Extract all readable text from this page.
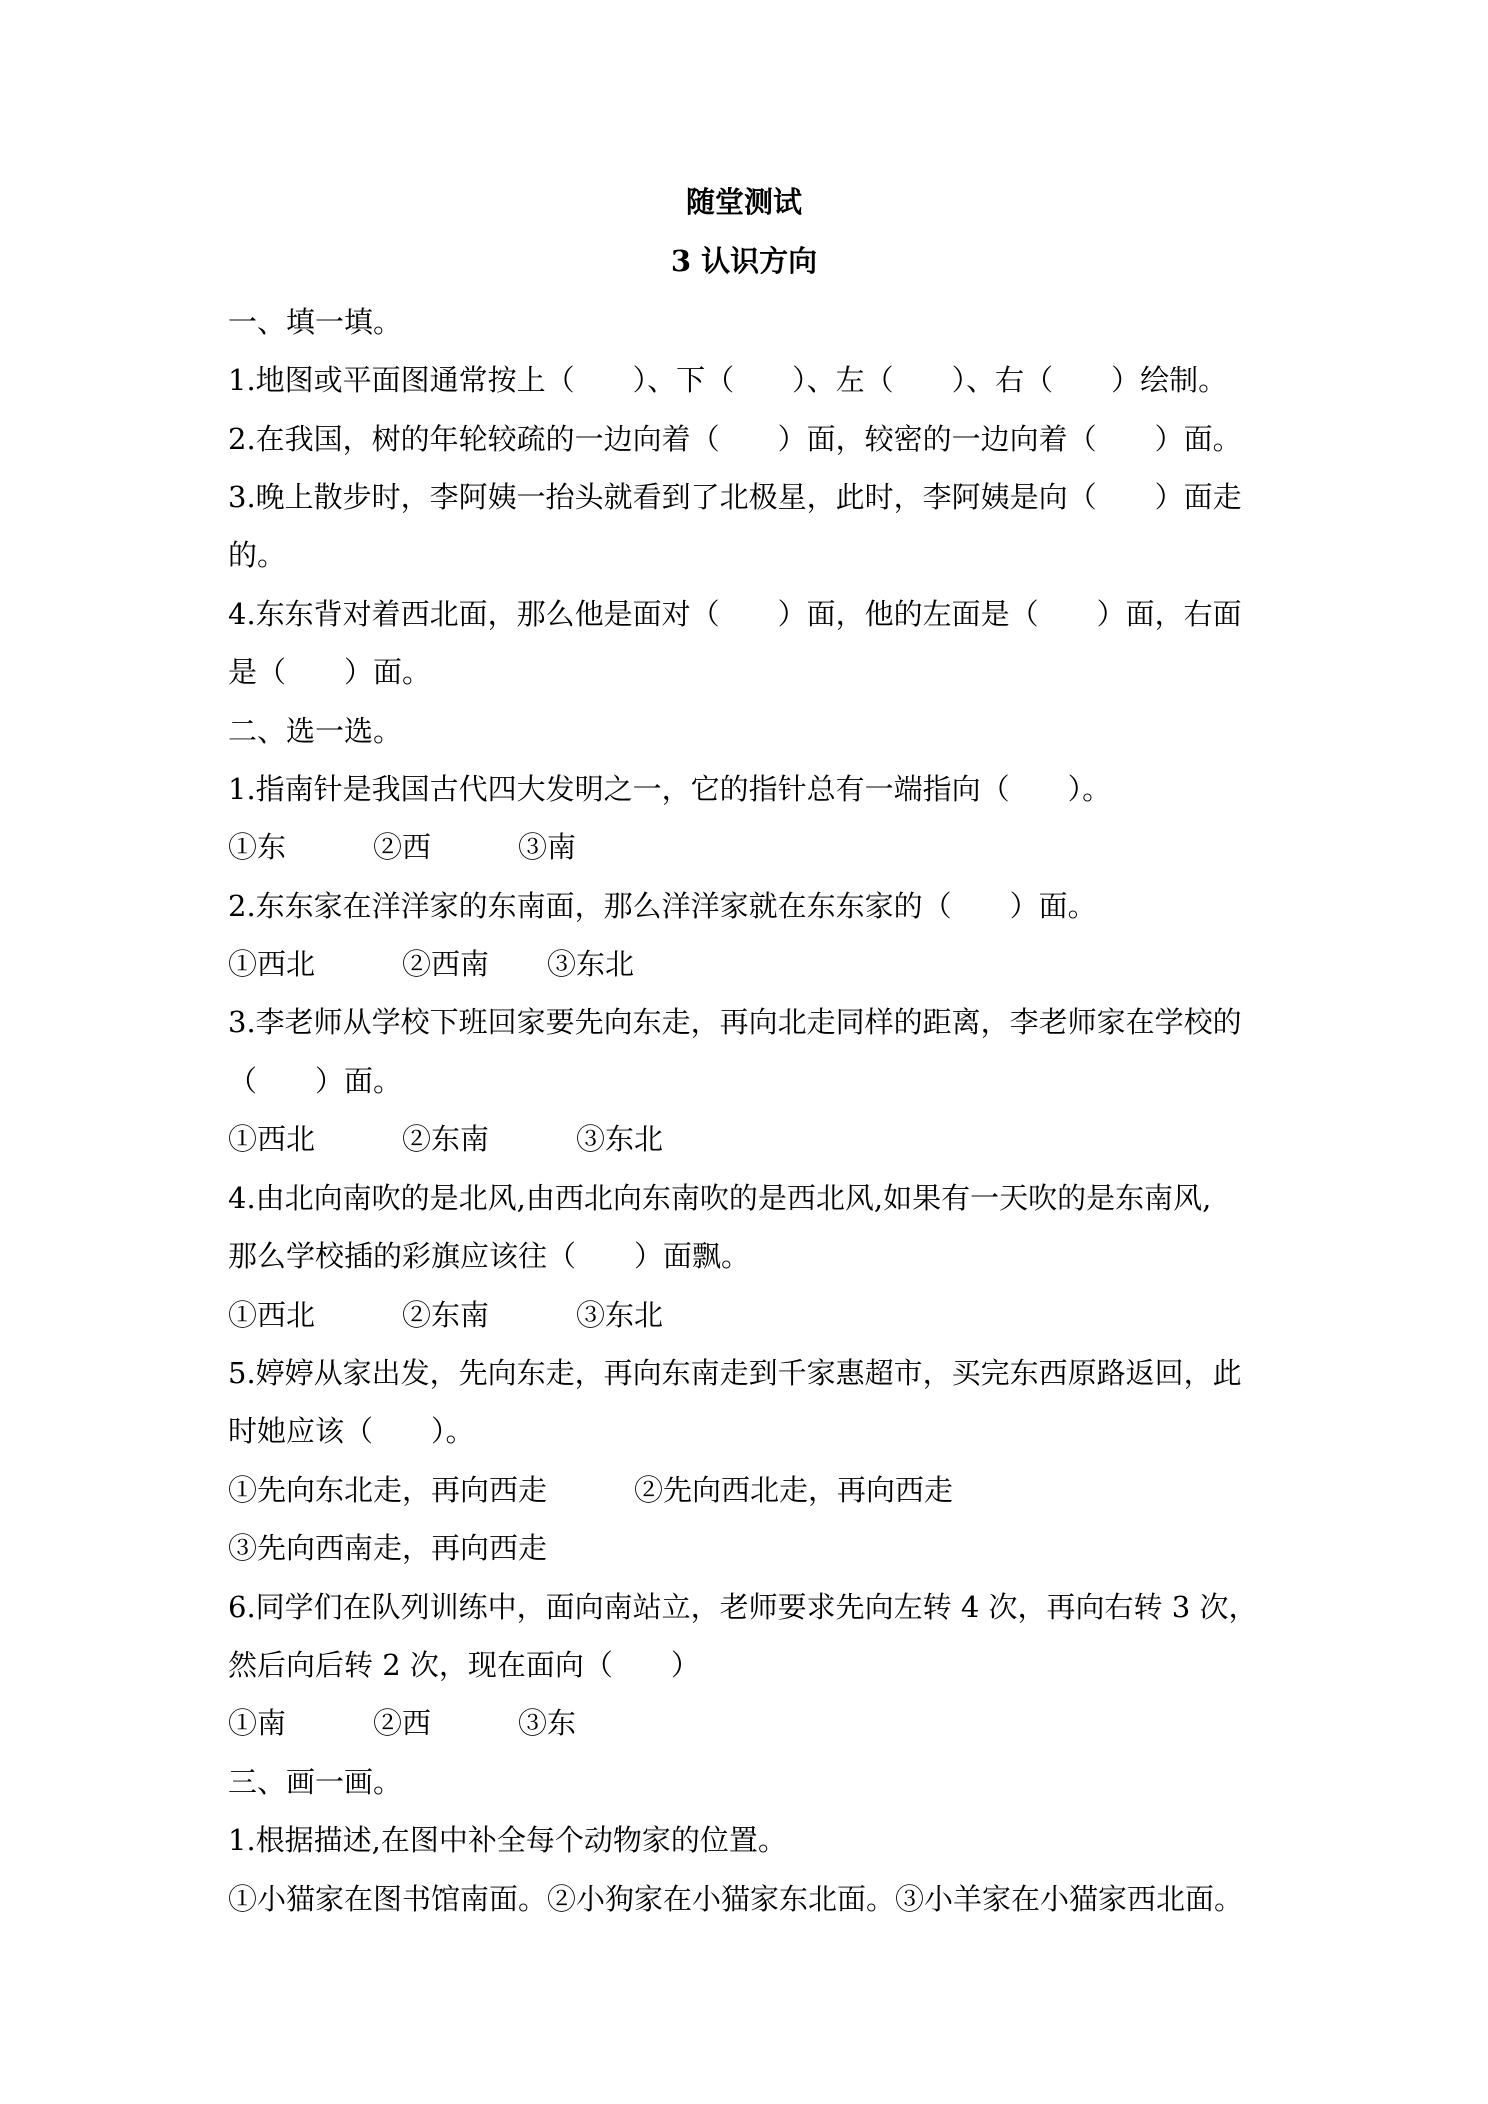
随堂测试
3 认识方向
一、填一填。
1.地图或平面图通常按上（　　）、下（　　）、左（　　）、右（　　）绘制。
2.在我国，树的年轮较疏的一边向着（　　）面，较密的一边向着（　　）面。
3.晚上散步时，李阿姨一抬头就看到了北极星，此时，李阿姨是向（　　）面走
的。
4.东东背对着西北面，那么他是面对（　　）面，他的左面是（　　）面，右面
是（　　）面。
二、选一选。
1.指南针是我国古代四大发明之一，它的指针总有一端指向（　　）。
①东　　　②西　　　③南
2.东东家在洋洋家的东南面，那么洋洋家就在东东家的（　　）面。
①西北　　　②西南　　③东北
3.李老师从学校下班回家要先向东走，再向北走同样的距离，李老师家在学校的
（　　）面。
①西北　　　②东南　　　③东北
4.由北向南吹的是北风,由西北向东南吹的是西北风,如果有一天吹的是东南风,
那么学校插的彩旗应该往（　　）面飘。
①西北　　　②东南　　　③东北
5.婷婷从家出发，先向东走，再向东南走到千家惠超市，买完东西原路返回，此
时她应该（　　）。
①先向东北走，再向西走　　　②先向西北走，再向西走
③先向西南走，再向西走
6.同学们在队列训练中，面向南站立，老师要求先向左转 4 次，再向右转 3 次，
然后向后转 2 次，现在面向（　　）
①南　　　②西　　　③东
三、画一画。
1.根据描述,在图中补全每个动物家的位置。
①小猫家在图书馆南面。②小狗家在小猫家东北面。③小羊家在小猫家西北面。
